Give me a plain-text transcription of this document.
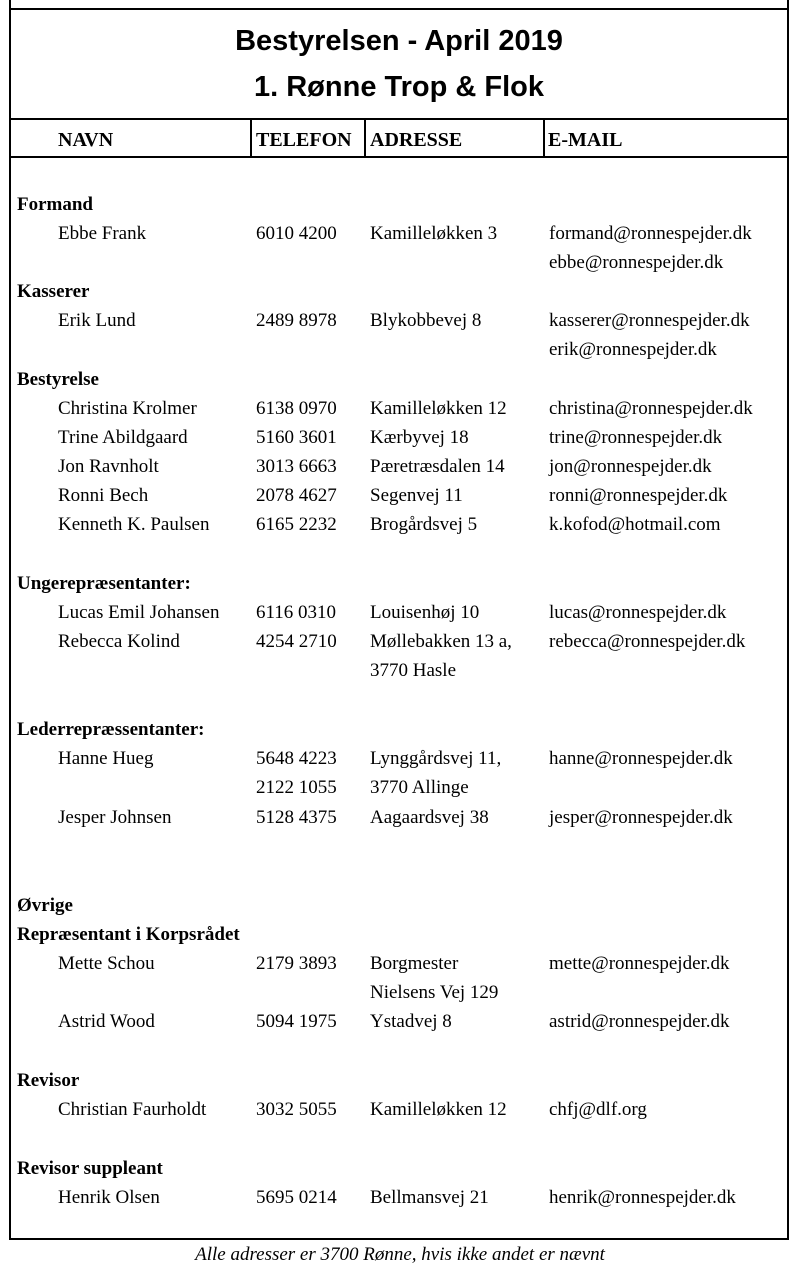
Bestyrelsen - April 2019

1. Rønne Trop & Flok

NAVN	TELEFON ADRESSE	E-MAIL
Formand
Ebbe Frank	6010 4200 Kamilleløkken 3	formand@ronnespejder.dk
ebbe@ronnespejder.dk
Kasserer
Erik Lund	2489 8978 Blykobbevej 8	kasserer@ronnespejder.dk
erik@ronnespejder.dk
Bestyrelse
Christina Krolmer	6138 0970 Kamilleløkken 12 christina@ronnespejder.dk
Trine Abildgaard	5160 3601 Kærbyvej 18	trine@ronnespejder.dk
Jon Ravnholt	3013 6663 Pæretræsdalen 14 jon@ronnespejder.dk
Ronni Bech	2078 4627 Segenvej 11	ronni@ronnespejder.dk
Kenneth K. Paulsen 6165 2232 Brogårdsvej 5	k.kofod@hotmail.com
Ungerepræsentanter:
Lucas Emil Johansen 6116 0310 Louisenhøj 10	lucas@ronnespejder.dk
Rebecca Kolind	4254 2710 Møllebakken 13 a, rebecca@ronnespejder.dk
3770 Hasle
Lederrepræssentanter:
Hanne Hueg	5648 4223 Lynggårdsvej 11,	hanne@ronnespejder.dk
2122 1055 3770 Allinge
Jesper Johnsen	5128 4375 Aagaardsvej 38	jesper@ronnespejder.dk
Øvrige
Repræsentant i Korpsrådet
Mette Schou	2179 3893 Borgmester	mette@ronnespejder.dk
Nielsens Vej 129
Astrid Wood	5094 1975 Ystadvej 8	astrid@ronnespejder.dk
Revisor
Christian Faurholdt	3032 5055 Kamilleløkken 12 chfj@dlf.org
Revisor suppleant
Henrik Olsen	5695 0214 Bellmansvej 21	henrik@ronnespejder.dk
Alle adresser er 3700 Rønne, hvis ikke andet er nævnt
